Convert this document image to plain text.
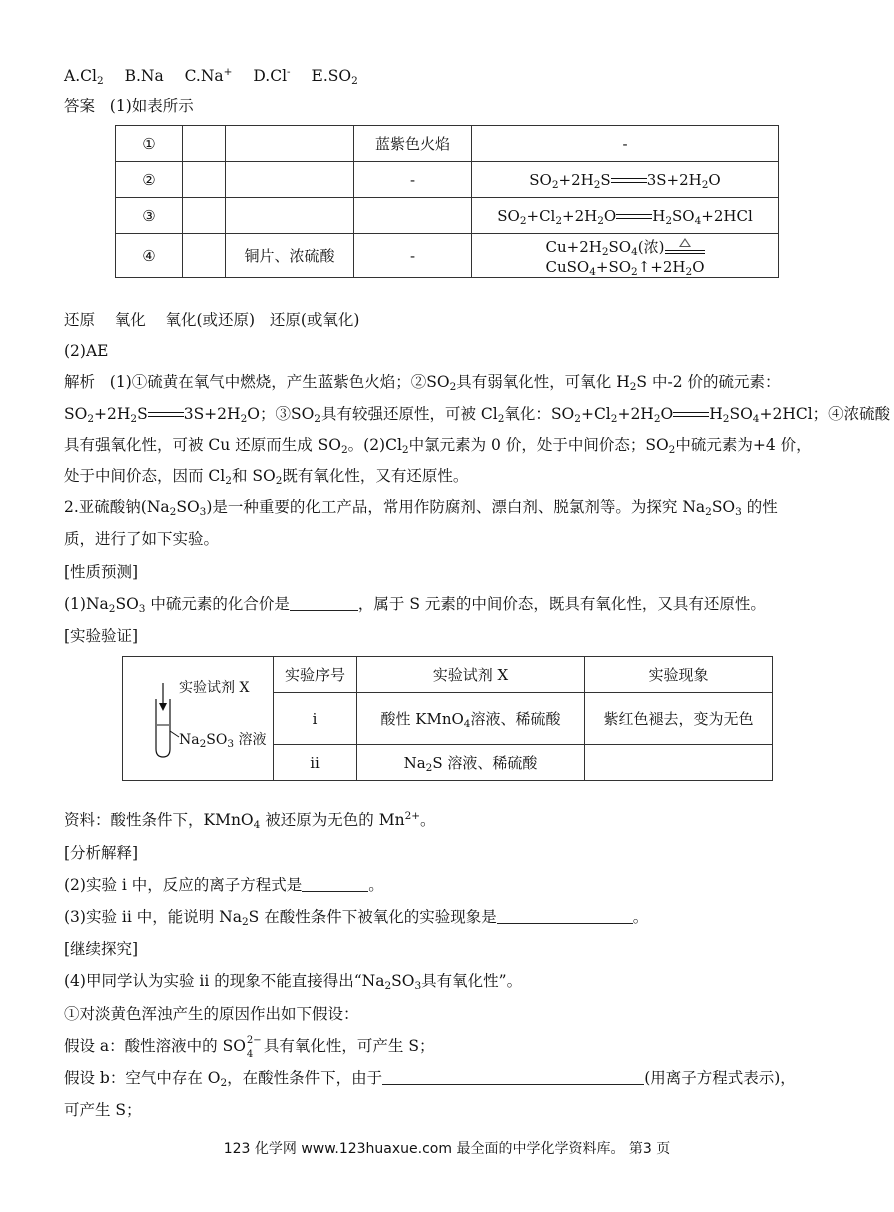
$A.Cl_2$ B.Na C.Na+ D.Cl- $E.SO_2$
答案 (1)如表所示
①			蓝紫色火焰	-
②			-	$SO_2+2H_2S$ $3S+2H_2O$
③				$SO_2+Cl_2+2H_2O$ $H_2SO_4+2HCl$
④		铜片、浓硫酸	-	$Cu+2H_2SO_4$(浓)
$CuSO_4+SO_2↑+2H_2O$
还原 氧化 氧化(或还原) 还原(或氧化)
(2)AE
解析 (1)①硫黄在氧气中燃烧，产生蓝紫色火焰；$②SO_2$具有弱氧化性，可氧化 $H_2S$ 中-2 价的硫元素：
$SO_2+2H_2S$ $3S+2H_2O$；$③SO_2$具有较强还原性，可被 $Cl_2$氧化：$SO_2+Cl_2+2H_2O$ $H_2SO_4+2HCl$；④浓硫酸
具有强氧化性，可被 Cu 还原而生成 $SO_2$。$(2)Cl_2$中氯元素为 0 价，处于中间价态；$SO_2$中硫元素为+4 价，
处于中间价态，因而 $Cl_2$和 $SO_2$既有氧化性，又有还原性。
2.亚硫酸钠$(Na_2SO_3)$是一种重要的化工产品，常用作防腐剂、漂白剂、脱氯剂等。为探究 $Na_2SO_3$ 的性
质，进行了如下实验。
[性质预测]
$(1)Na_2SO_3$ 中硫元素的化合价是	，属于 S 元素的中间价态，既具有氧化性，又具有还原性。
[实验验证]
实验试剂 X
$Na_2SO_3$ 溶液	实验序号	实验试剂 X	实验现象
	i	酸性 KMnO$_4$溶液、稀硫酸	紫红色褪去，变为无色
	ii	$Na_2S$ 溶液、稀硫酸	
资料：酸性条件下，KMnO$_4$ 被还原为无色的 $Mn^{2+}$。
[分析解释]
(2)实验 i 中，反应的离子方程式是	。
(3)实验 ii 中，能说明 $Na_2S$ 在酸性条件下被氧化的实验现象是	。
[继续探究]
(4)甲同学认为实验 ii 的现象不能直接得出“$Na_2SO_3$具有氧化性”。
①对淡黄色浑浊产生的原因作出如下假设：
假设 a：酸性溶液中的 SO 2−
4 具有氧化性，可产生 S；
假设 b：空气中存在 $O_2$，在酸性条件下，由于	(用离子方程式表示)，
可产生 S；
123 化学网 www.123huaxue.com 最全面的中学化学资料库。 第3 页
